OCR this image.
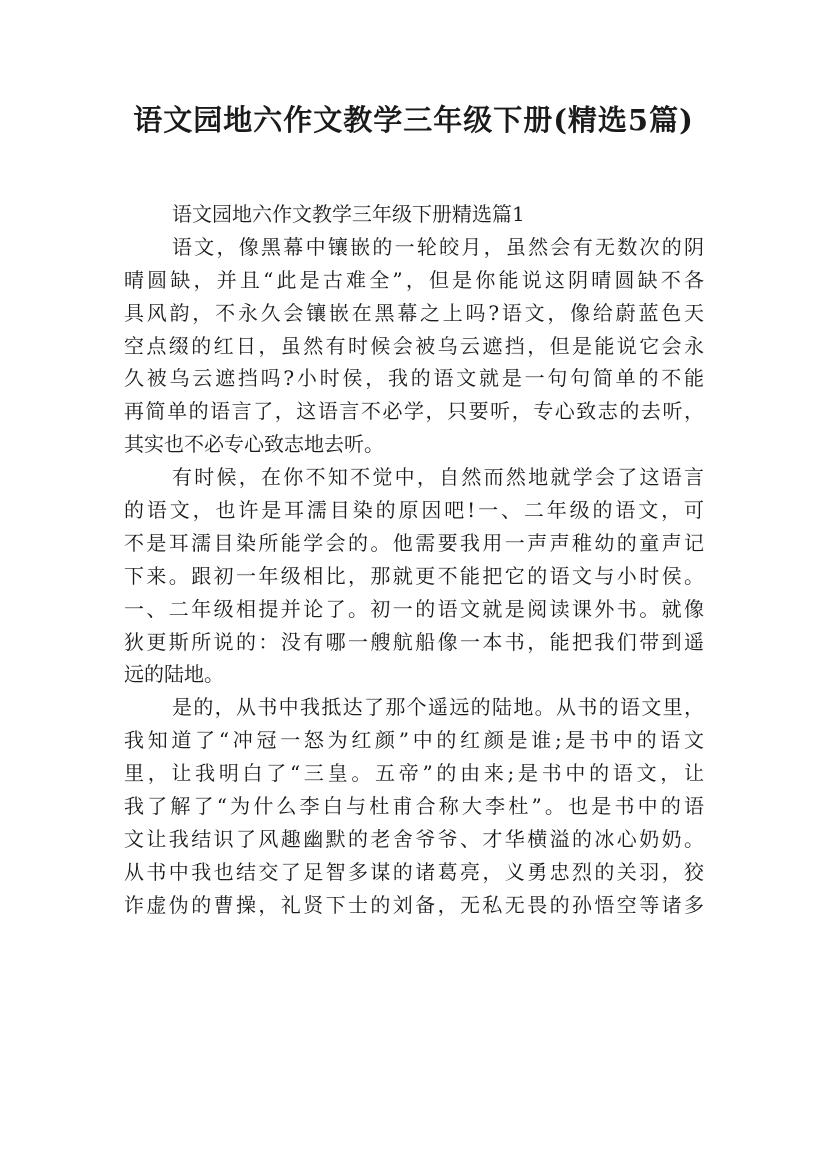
语文园地六作文教学三年级下册(精选5篇)
语文园地六作文教学三年级下册精选篇1
语文，像黑幕中镶嵌的一轮皎月，虽然会有无数次的阴
晴圆缺，并且“此是古难全”，但是你能说这阴晴圆缺不各
具风韵，不永久会镶嵌在黑幕之上吗?语文，像给蔚蓝色天
空点缀的红日，虽然有时候会被乌云遮挡，但是能说它会永
久被乌云遮挡吗?小时侯，我的语文就是一句句简单的不能
再简单的语言了，这语言不必学，只要听，专心致志的去听，
其实也不必专心致志地去听。
有时候，在你不知不觉中，自然而然地就学会了这语言
的语文，也许是耳濡目染的原因吧!一、二年级的语文，可
不是耳濡目染所能学会的。他需要我用一声声稚幼的童声记
下来。跟初一年级相比，那就更不能把它的语文与小时侯。
一、二年级相提并论了。初一的语文就是阅读课外书。就像
狄更斯所说的：没有哪一艘航船像一本书，能把我们带到遥
远的陆地。
是的，从书中我抵达了那个遥远的陆地。从书的语文里，
我知道了“冲冠一怒为红颜”中的红颜是谁;是书中的语文
里，让我明白了“三皇。五帝”的由来;是书中的语文，让
我了解了“为什么李白与杜甫合称大李杜”。也是书中的语
文让我结识了风趣幽默的老舍爷爷、才华横溢的冰心奶奶。
从书中我也结交了足智多谋的诸葛亮，义勇忠烈的关羽，狡
诈虚伪的曹操，礼贤下士的刘备，无私无畏的孙悟空等诸多
